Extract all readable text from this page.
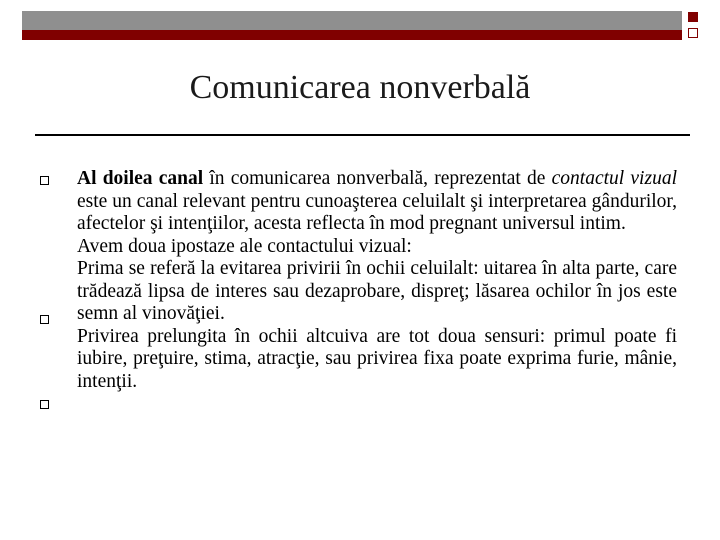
Comunicarea nonverbală

Al doilea canal în comunicarea nonverbală, reprezentat de contactul vizual este un canal relevant pentru cunoaşterea celuilalt şi interpretarea gândurilor, afectelor şi intenţiilor, acesta reflecta în mod pregnant universul intim.

Avem doua ipostaze ale contactului vizual:

Prima se referă la evitarea privirii în ochii celuilalt: uitarea în alta parte, care trădează lipsa de interes sau dezaprobare, dispreţ; lăsarea ochilor în jos este semn al vinovăţiei.

Privirea prelungita în ochii altcuiva are tot doua sensuri: primul poate fi iubire, preţuire, stima, atracţie, sau privirea fixa poate exprima furie, mânie, intenţii.
